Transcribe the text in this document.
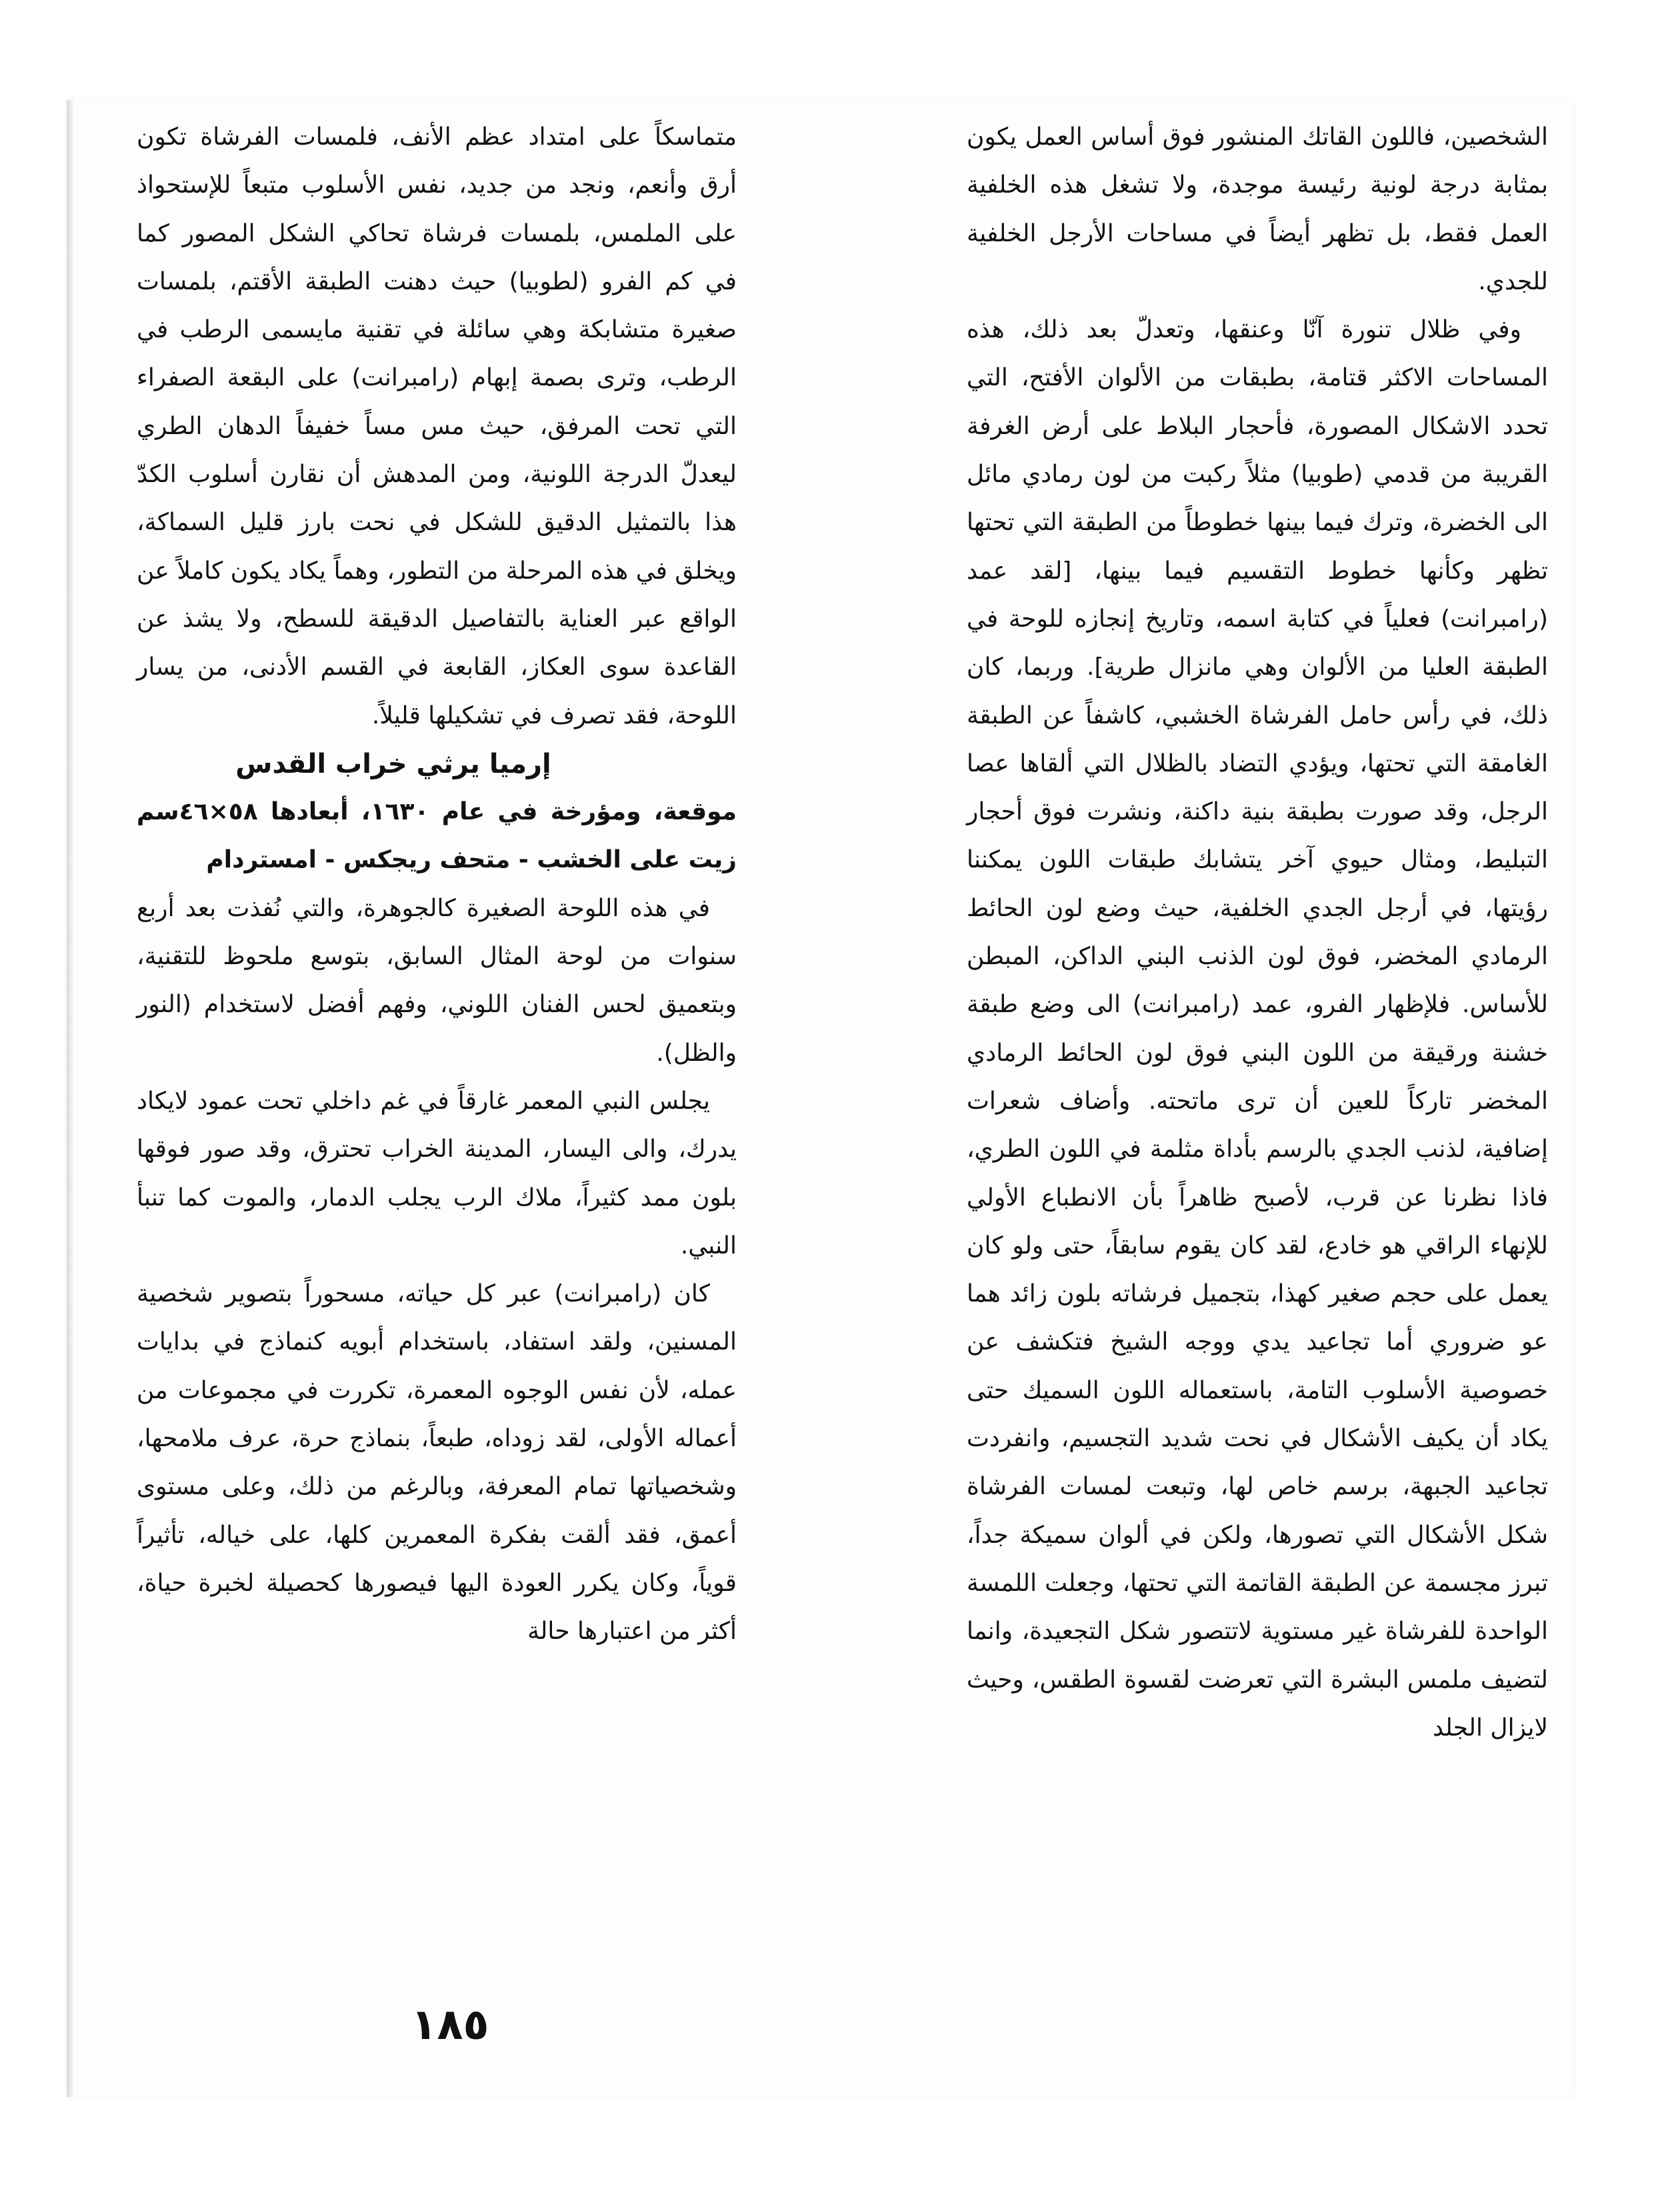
الشخصين، فاللون القاتك المنشور فوق أساس العمل يكون بمثابة درجة لونية رئيسة موجدة، ولا تشغل هذه الخلفية العمل فقط، بل تظهر أيضاً في مساحات الأرجل الخلفية للجدي.

وفي ظلال تنورة آنّا وعنقها، وتعدلّ بعد ذلك، هذه المساحات الاكثر قتامة، بطبقات من الألوان الأفتح، التي تحدد الاشكال المصورة، فأحجار البلاط على أرض الغرفة القريبة من قدمي (طوبيا) مثلاً ركبت من لون رمادي مائل الى الخضرة، وترك فيما بينها خطوطاً من الطبقة التي تحتها تظهر وكأنها خطوط التقسيم فيما بينها، [لقد عمد (رامبرانت) فعلياً في كتابة اسمه، وتاريخ إنجازه للوحة في الطبقة العليا من الألوان وهي مانزال طرية]. وربما، كان ذلك، في رأس حامل الفرشاة الخشبي، كاشفاً عن الطبقة الغامقة التي تحتها، ويؤدي التضاد بالظلال التي ألقاها عصا الرجل، وقد صورت بطبقة بنية داكنة، ونشرت فوق أحجار التبليط، ومثال حيوي آخر يتشابك طبقات اللون يمكننا رؤيتها، في أرجل الجدي الخلفية، حيث وضع لون الحائط الرمادي المخضر، فوق لون الذنب البني الداكن، المبطن للأساس. فلإظهار الفرو، عمد (رامبرانت) الى وضع طبقة خشنة ورقيقة من اللون البني فوق لون الحائط الرمادي المخضر تاركاً للعين أن ترى ماتحته. وأضاف شعرات إضافية، لذنب الجدي بالرسم بأداة مثلمة في اللون الطري، فاذا نظرنا عن قرب، لأصبح ظاهراً بأن الانطباع الأولي للإنهاء الراقي هو خادع، لقد كان يقوم سابقاً، حتى ولو كان يعمل على حجم صغير كهذا، بتجميل فرشاته بلون زائد هما عو ضروري أما تجاعيد يدي ووجه الشيخ فتكشف عن خصوصية الأسلوب التامة، باستعماله اللون السميك حتى يكاد أن يكيف الأشكال في نحت شديد التجسيم، وانفردت تجاعيد الجبهة، برسم خاص لها، وتبعت لمسات الفرشاة شكل الأشكال التي تصورها، ولكن في ألوان سميكة جداً، تبرز مجسمة عن الطبقة القاتمة التي تحتها، وجعلت اللمسة الواحدة للفرشاة غير مستوية لاتتصور شكل التجعيدة، وانما لتضيف ملمس البشرة التي تعرضت لقسوة الطقس، وحيث لايزال الجلد

متماسكاً على امتداد عظم الأنف، فلمسات الفرشاة تكون أرق وأنعم، ونجد من جديد، نفس الأسلوب متبعاً للإستحواذ على الملمس، بلمسات فرشاة تحاكي الشكل المصور كما في كم الفرو (لطوبيا) حيث دهنت الطبقة الأقتم، بلمسات صغيرة متشابكة وهي سائلة في تقنية مايسمى الرطب في الرطب، وترى بصمة إبهام (رامبرانت) على البقعة الصفراء التي تحت المرفق، حيث مس مساً خفيفاً الدهان الطري ليعدلّ الدرجة اللونية، ومن المدهش أن نقارن أسلوب الكدّ هذا بالتمثيل الدقيق للشكل في نحت بارز قليل السماكة، ويخلق في هذه المرحلة من التطور، وهماً يكاد يكون كاملاً عن الواقع عبر العناية بالتفاصيل الدقيقة للسطح، ولا يشذ عن القاعدة سوى العكاز، القابعة في القسم الأدنى، من يسار اللوحة، فقد تصرف في تشكيلها قليلاً.

إرميا يرثي خراب القدس

موقعة، ومؤرخة في عام ١٦٣٠، أبعادها ٥٨×٤٦سم زيت على الخشب - متحف ريجكس - امستردام

في هذه اللوحة الصغيرة كالجوهرة، والتي نُفذت بعد أربع سنوات من لوحة المثال السابق، بتوسع ملحوظ للتقنية، وبتعميق لحس الفنان اللوني، وفهم أفضل لاستخدام (النور والظل).

يجلس النبي المعمر غارقاً في غم داخلي تحت عمود لايكاد يدرك، والى اليسار، المدينة الخراب تحترق، وقد صور فوقها بلون ممد كثيراً، ملاك الرب يجلب الدمار، والموت كما تنبأ النبي.

كان (رامبرانت) عبر كل حياته، مسحوراً بتصوير شخصية المسنين، ولقد استفاد، باستخدام أبويه كنماذج في بدايات عمله، لأن نفس الوجوه المعمرة، تكررت في مجموعات من أعماله الأولى، لقد زوداه، طبعاً، بنماذج حرة، عرف ملامحها، وشخصياتها تمام المعرفة، وبالرغم من ذلك، وعلى مستوى أعمق، فقد ألقت بفكرة المعمرين كلها، على خياله، تأثيراً قوياً، وكان يكرر العودة اليها فيصورها كحصيلة لخبرة حياة، أكثر من اعتبارها حالة

١٨٥
